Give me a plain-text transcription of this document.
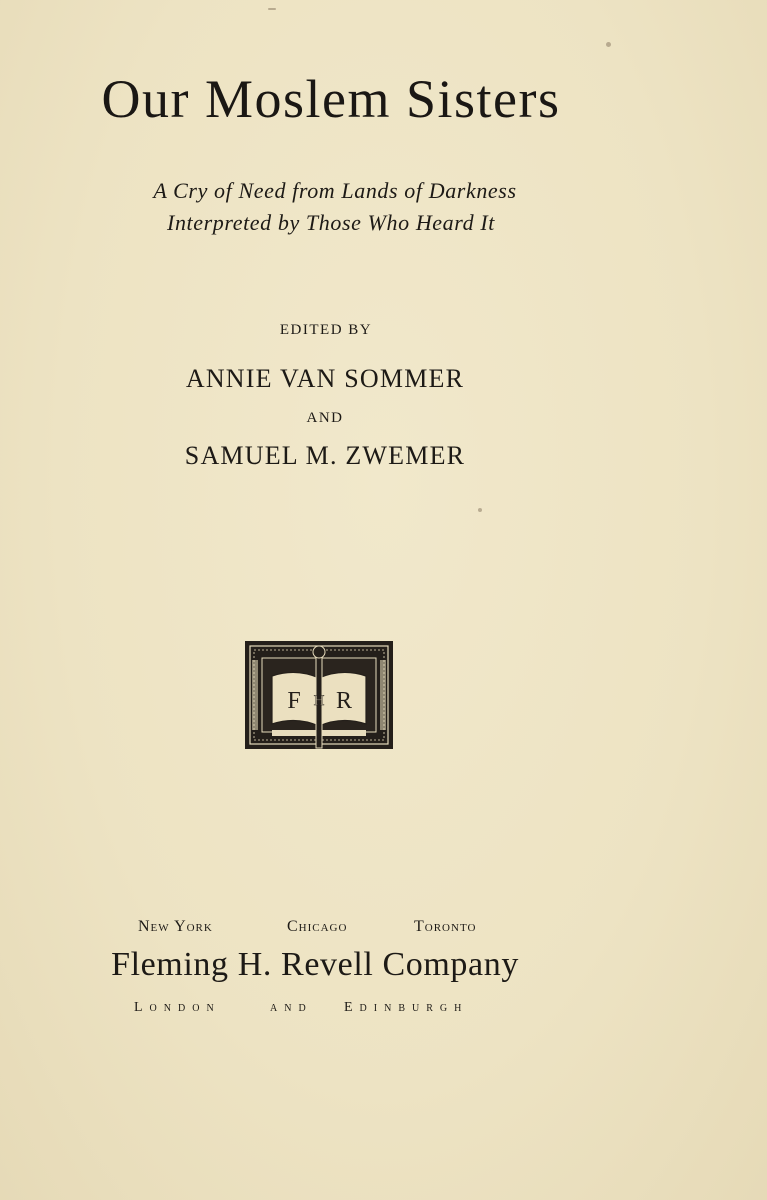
Our Moslem Sisters
A Cry of Need from Lands of Darkness
Interpreted by Those Who Heard It
EDITED BY
ANNIE VAN SOMMER
AND
SAMUEL M. ZWEMER
F H R
New York	Chicago	Toronto
Fleming H. Revell Company
London	and Edinburgh
